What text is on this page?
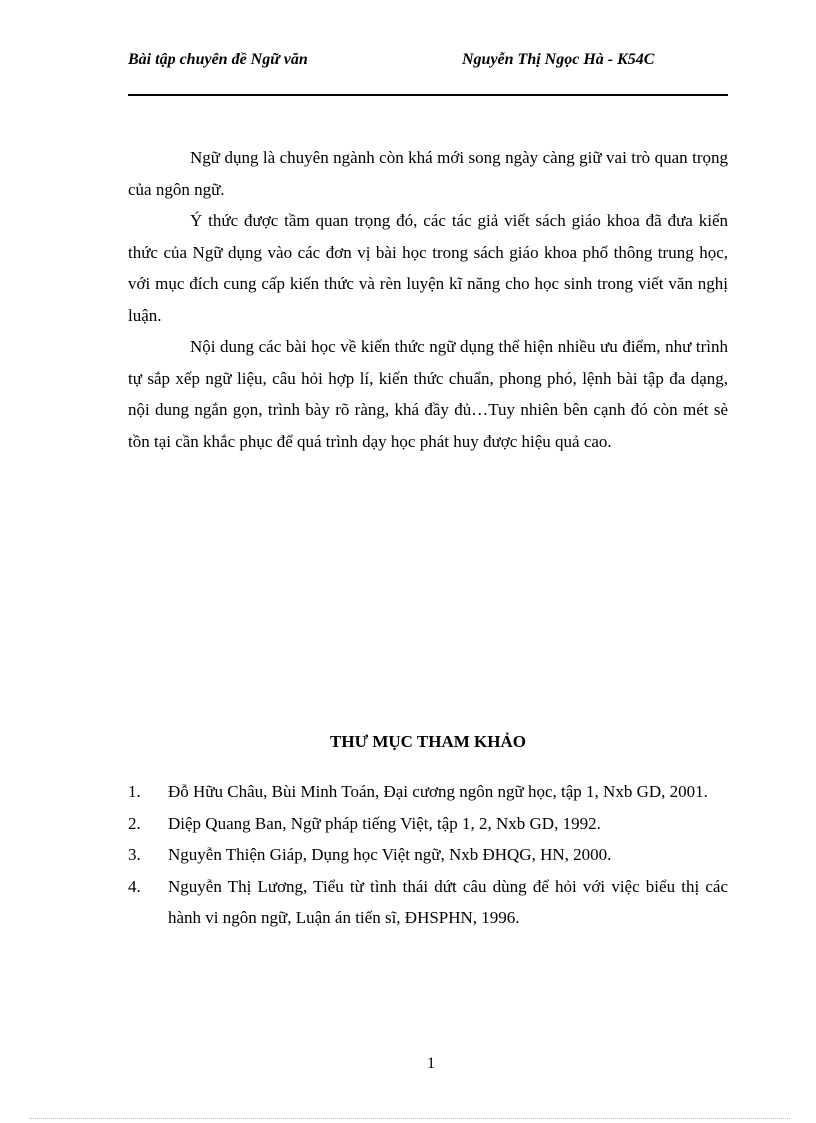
Bài tập chuyên đề Ngữ văn	Nguyễn Thị Ngọc Hà - K54C

Ngữ dụng là chuyên ngành còn khá mới song ngày càng giữ vai trò quan trọng của ngôn ngữ.

Ý thức được tầm quan trọng đó, các tác giả viết sách giáo khoa đã đưa kiến thức của Ngữ dụng vào các đơn vị bài học trong sách giáo khoa phổ thông trung học, với mục đích cung cấp kiến thức và rèn luyện kĩ năng cho học sinh trong viết văn nghị luận.

Nội dung các bài học về kiến thức ngữ dụng thể hiện nhiều ưu điểm, như trình tự sắp xếp ngữ liệu, câu hỏi hợp lí, kiến thức chuẩn, phong phó, lệnh bài tập đa dạng, nội dung ngắn gọn, trình bày rõ ràng, khá đầy đủ…Tuy nhiên bên cạnh đó còn mét sè tồn tại cần khắc phục để quá trình dạy học phát huy được hiệu quả cao.

THƯ MỤC THAM KHẢO
1. Đỗ Hữu Châu, Bùi Minh Toán, Đại cương ngôn ngữ học, tập 1, Nxb GD, 2001.
2. Diệp Quang Ban, Ngữ pháp tiếng Việt, tập 1, 2, Nxb GD, 1992.
3. Nguyễn Thiện Giáp, Dụng học Việt ngữ, Nxb ĐHQG, HN, 2000.
4. Nguyễn Thị Lương, Tiểu từ tình thái dứt câu dùng để hỏi với việc biểu thị các hành vi ngôn ngữ, Luận án tiến sĩ, ĐHSPHN, 1996.
1
